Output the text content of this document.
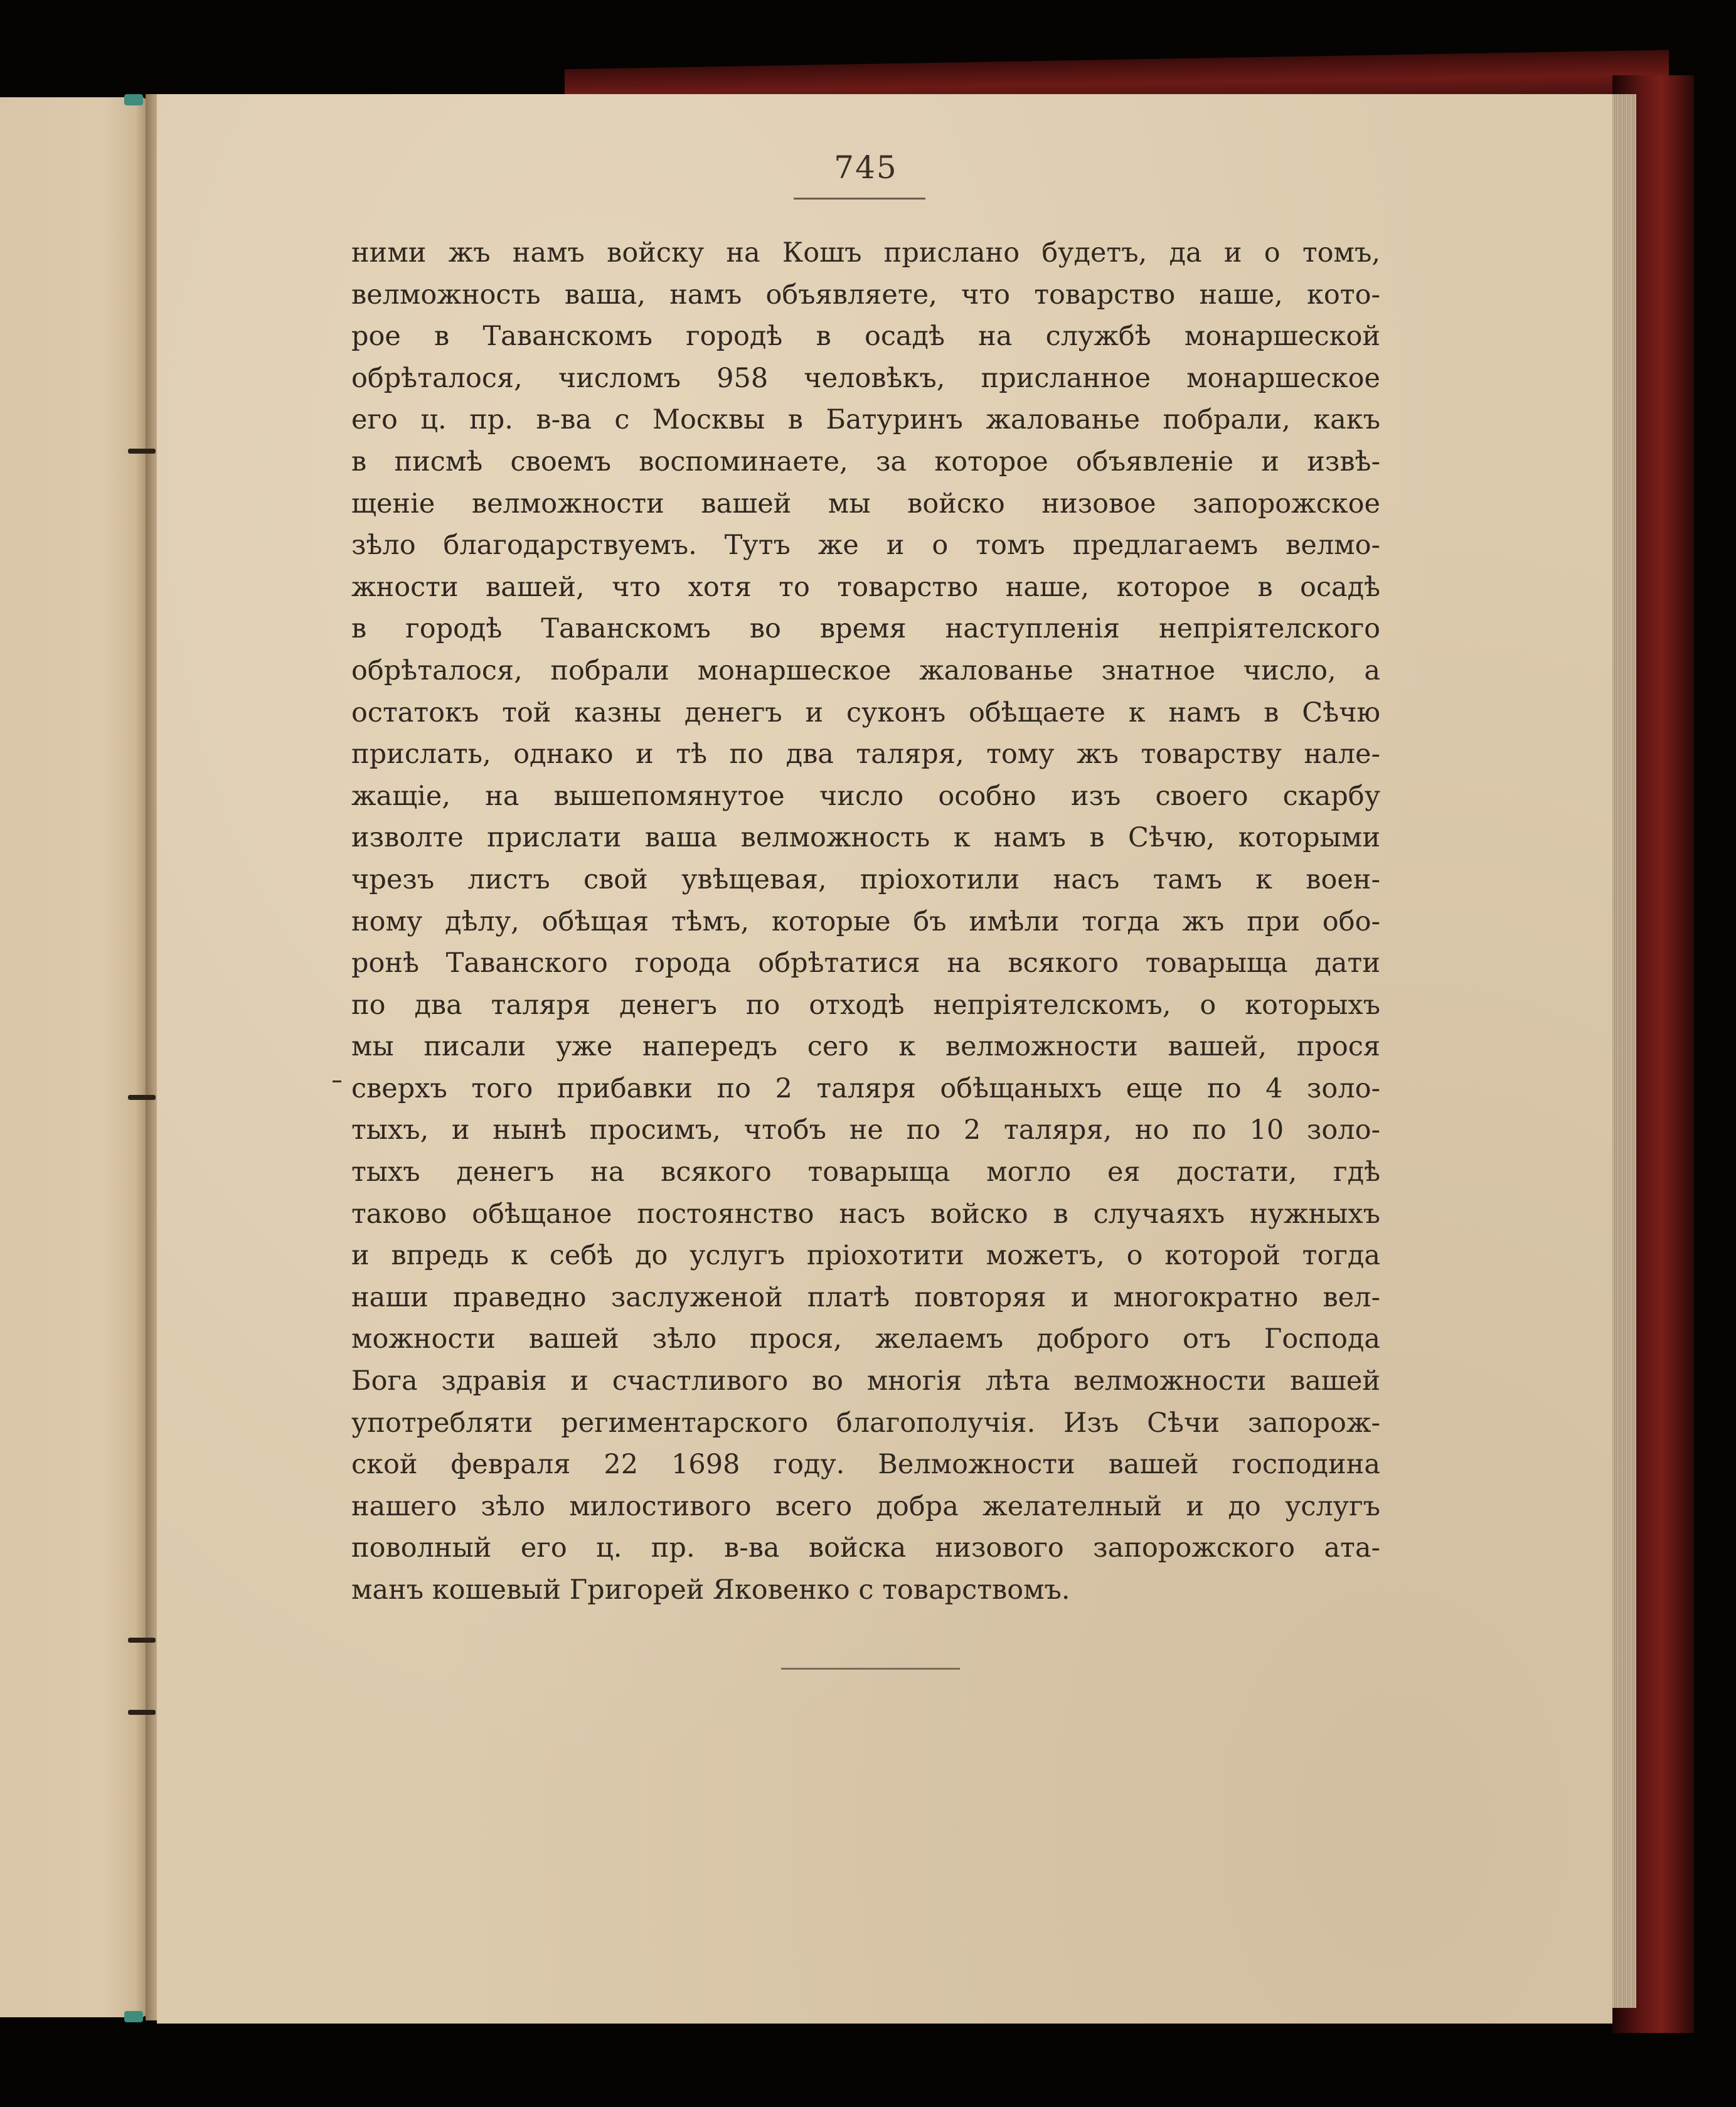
745
ними жъ намъ войску на Кошъ прислано будетъ, да и о томъ,
велможность ваша, намъ объявляете, что товарство наше, кото-
рое в Таванскомъ городѣ в осадѣ на службѣ монаршеской
обрѣталося, числомъ 958 человѣкъ, присланное монаршеское
его ц. пр. в-ва с Москвы в Батуринъ жалованье побрали, какъ
в писмѣ своемъ воспоминаете, за которое объявленіе и извѣ-
щеніе велможности вашей мы войско низовое запорожское
зѣло благодарствуемъ. Тутъ же и о томъ предлагаемъ велмо-
жности вашей, что хотя то товарство наше, которое в осадѣ
в городѣ Таванскомъ во время наступленія непріятелского
обрѣталося, побрали монаршеское жалованье знатное число, а
остатокъ той казны денегъ и суконъ обѣщаете к намъ в Сѣчю
прислать, однако и тѣ по два таляря, тому жъ товарству нале-
жащіе, на вышепомянутое число особно изъ своего скарбу
изволте прислати ваша велможность к намъ в Сѣчю, которыми
чрезъ листъ свой увѣщевая, пріохотили насъ тамъ к воен-
ному дѣлу, обѣщая тѣмъ, которые бъ имѣли тогда жъ при обо-
ронѣ Таванского города обрѣтатися на всякого товарыща дати
по два таляря денегъ по отходѣ непріятелскомъ, о которыхъ
мы писали уже напередъ сего к велможности вашей, прося
сверхъ того прибавки по 2 таляря обѣщаныхъ еще по 4 золо-
тыхъ, и нынѣ просимъ, чтобъ не по 2 таляря, но по 10 золо-
тыхъ денегъ на всякого товарыща могло ея достати, гдѣ
таково обѣщаное постоянство насъ войско в случаяхъ нужныхъ
и впредь к себѣ до услугъ пріохотити можетъ, о которой тогда
наши праведно заслуженой платѣ повторяя и многократно вел-
можности вашей зѣло прося, желаемъ доброго отъ Господа
Бога здравія и счастливого во многія лѣта велможности вашей
употребляти региментарского благополучія. Изъ Сѣчи запорож-
ской февраля 22 1698 году. Велможности вашей господина
нашего зѣло милостивого всего добра желателный и до услугъ
поволный его ц. пр. в-ва войска низового запорожского ата-
манъ кошевый Григорей Яковенко с товарствомъ.
